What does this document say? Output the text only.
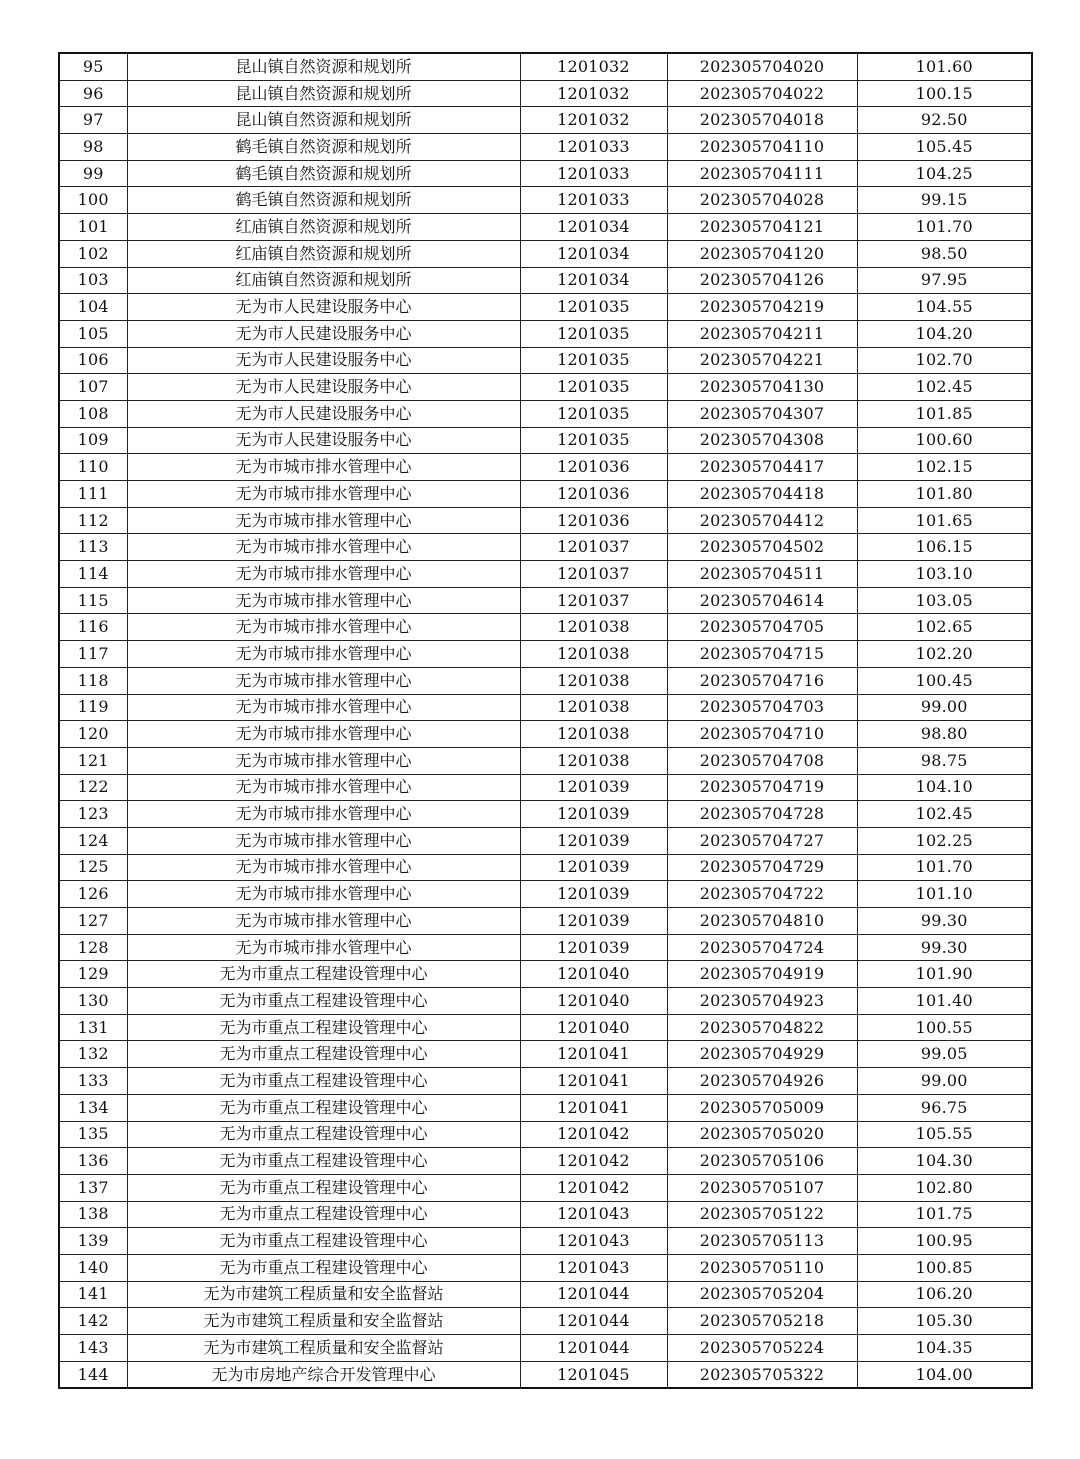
95	昆山镇自然资源和规划所	1201032	202305704020	101.60
96	昆山镇自然资源和规划所	1201032	202305704022	100.15
97	昆山镇自然资源和规划所	1201032	202305704018	92.50
98	鹤毛镇自然资源和规划所	1201033	202305704110	105.45
99	鹤毛镇自然资源和规划所	1201033	202305704111	104.25
100	鹤毛镇自然资源和规划所	1201033	202305704028	99.15
101	红庙镇自然资源和规划所	1201034	202305704121	101.70
102	红庙镇自然资源和规划所	1201034	202305704120	98.50
103	红庙镇自然资源和规划所	1201034	202305704126	97.95
104	无为市人民建设服务中心	1201035	202305704219	104.55
105	无为市人民建设服务中心	1201035	202305704211	104.20
106	无为市人民建设服务中心	1201035	202305704221	102.70
107	无为市人民建设服务中心	1201035	202305704130	102.45
108	无为市人民建设服务中心	1201035	202305704307	101.85
109	无为市人民建设服务中心	1201035	202305704308	100.60
110	无为市城市排水管理中心	1201036	202305704417	102.15
111	无为市城市排水管理中心	1201036	202305704418	101.80
112	无为市城市排水管理中心	1201036	202305704412	101.65
113	无为市城市排水管理中心	1201037	202305704502	106.15
114	无为市城市排水管理中心	1201037	202305704511	103.10
115	无为市城市排水管理中心	1201037	202305704614	103.05
116	无为市城市排水管理中心	1201038	202305704705	102.65
117	无为市城市排水管理中心	1201038	202305704715	102.20
118	无为市城市排水管理中心	1201038	202305704716	100.45
119	无为市城市排水管理中心	1201038	202305704703	99.00
120	无为市城市排水管理中心	1201038	202305704710	98.80
121	无为市城市排水管理中心	1201038	202305704708	98.75
122	无为市城市排水管理中心	1201039	202305704719	104.10
123	无为市城市排水管理中心	1201039	202305704728	102.45
124	无为市城市排水管理中心	1201039	202305704727	102.25
125	无为市城市排水管理中心	1201039	202305704729	101.70
126	无为市城市排水管理中心	1201039	202305704722	101.10
127	无为市城市排水管理中心	1201039	202305704810	99.30
128	无为市城市排水管理中心	1201039	202305704724	99.30
129	无为市重点工程建设管理中心	1201040	202305704919	101.90
130	无为市重点工程建设管理中心	1201040	202305704923	101.40
131	无为市重点工程建设管理中心	1201040	202305704822	100.55
132	无为市重点工程建设管理中心	1201041	202305704929	99.05
133	无为市重点工程建设管理中心	1201041	202305704926	99.00
134	无为市重点工程建设管理中心	1201041	202305705009	96.75
135	无为市重点工程建设管理中心	1201042	202305705020	105.55
136	无为市重点工程建设管理中心	1201042	202305705106	104.30
137	无为市重点工程建设管理中心	1201042	202305705107	102.80
138	无为市重点工程建设管理中心	1201043	202305705122	101.75
139	无为市重点工程建设管理中心	1201043	202305705113	100.95
140	无为市重点工程建设管理中心	1201043	202305705110	100.85
141	无为市建筑工程质量和安全监督站	1201044	202305705204	106.20
142	无为市建筑工程质量和安全监督站	1201044	202305705218	105.30
143	无为市建筑工程质量和安全监督站	1201044	202305705224	104.35
144	无为市房地产综合开发管理中心	1201045	202305705322	104.00
